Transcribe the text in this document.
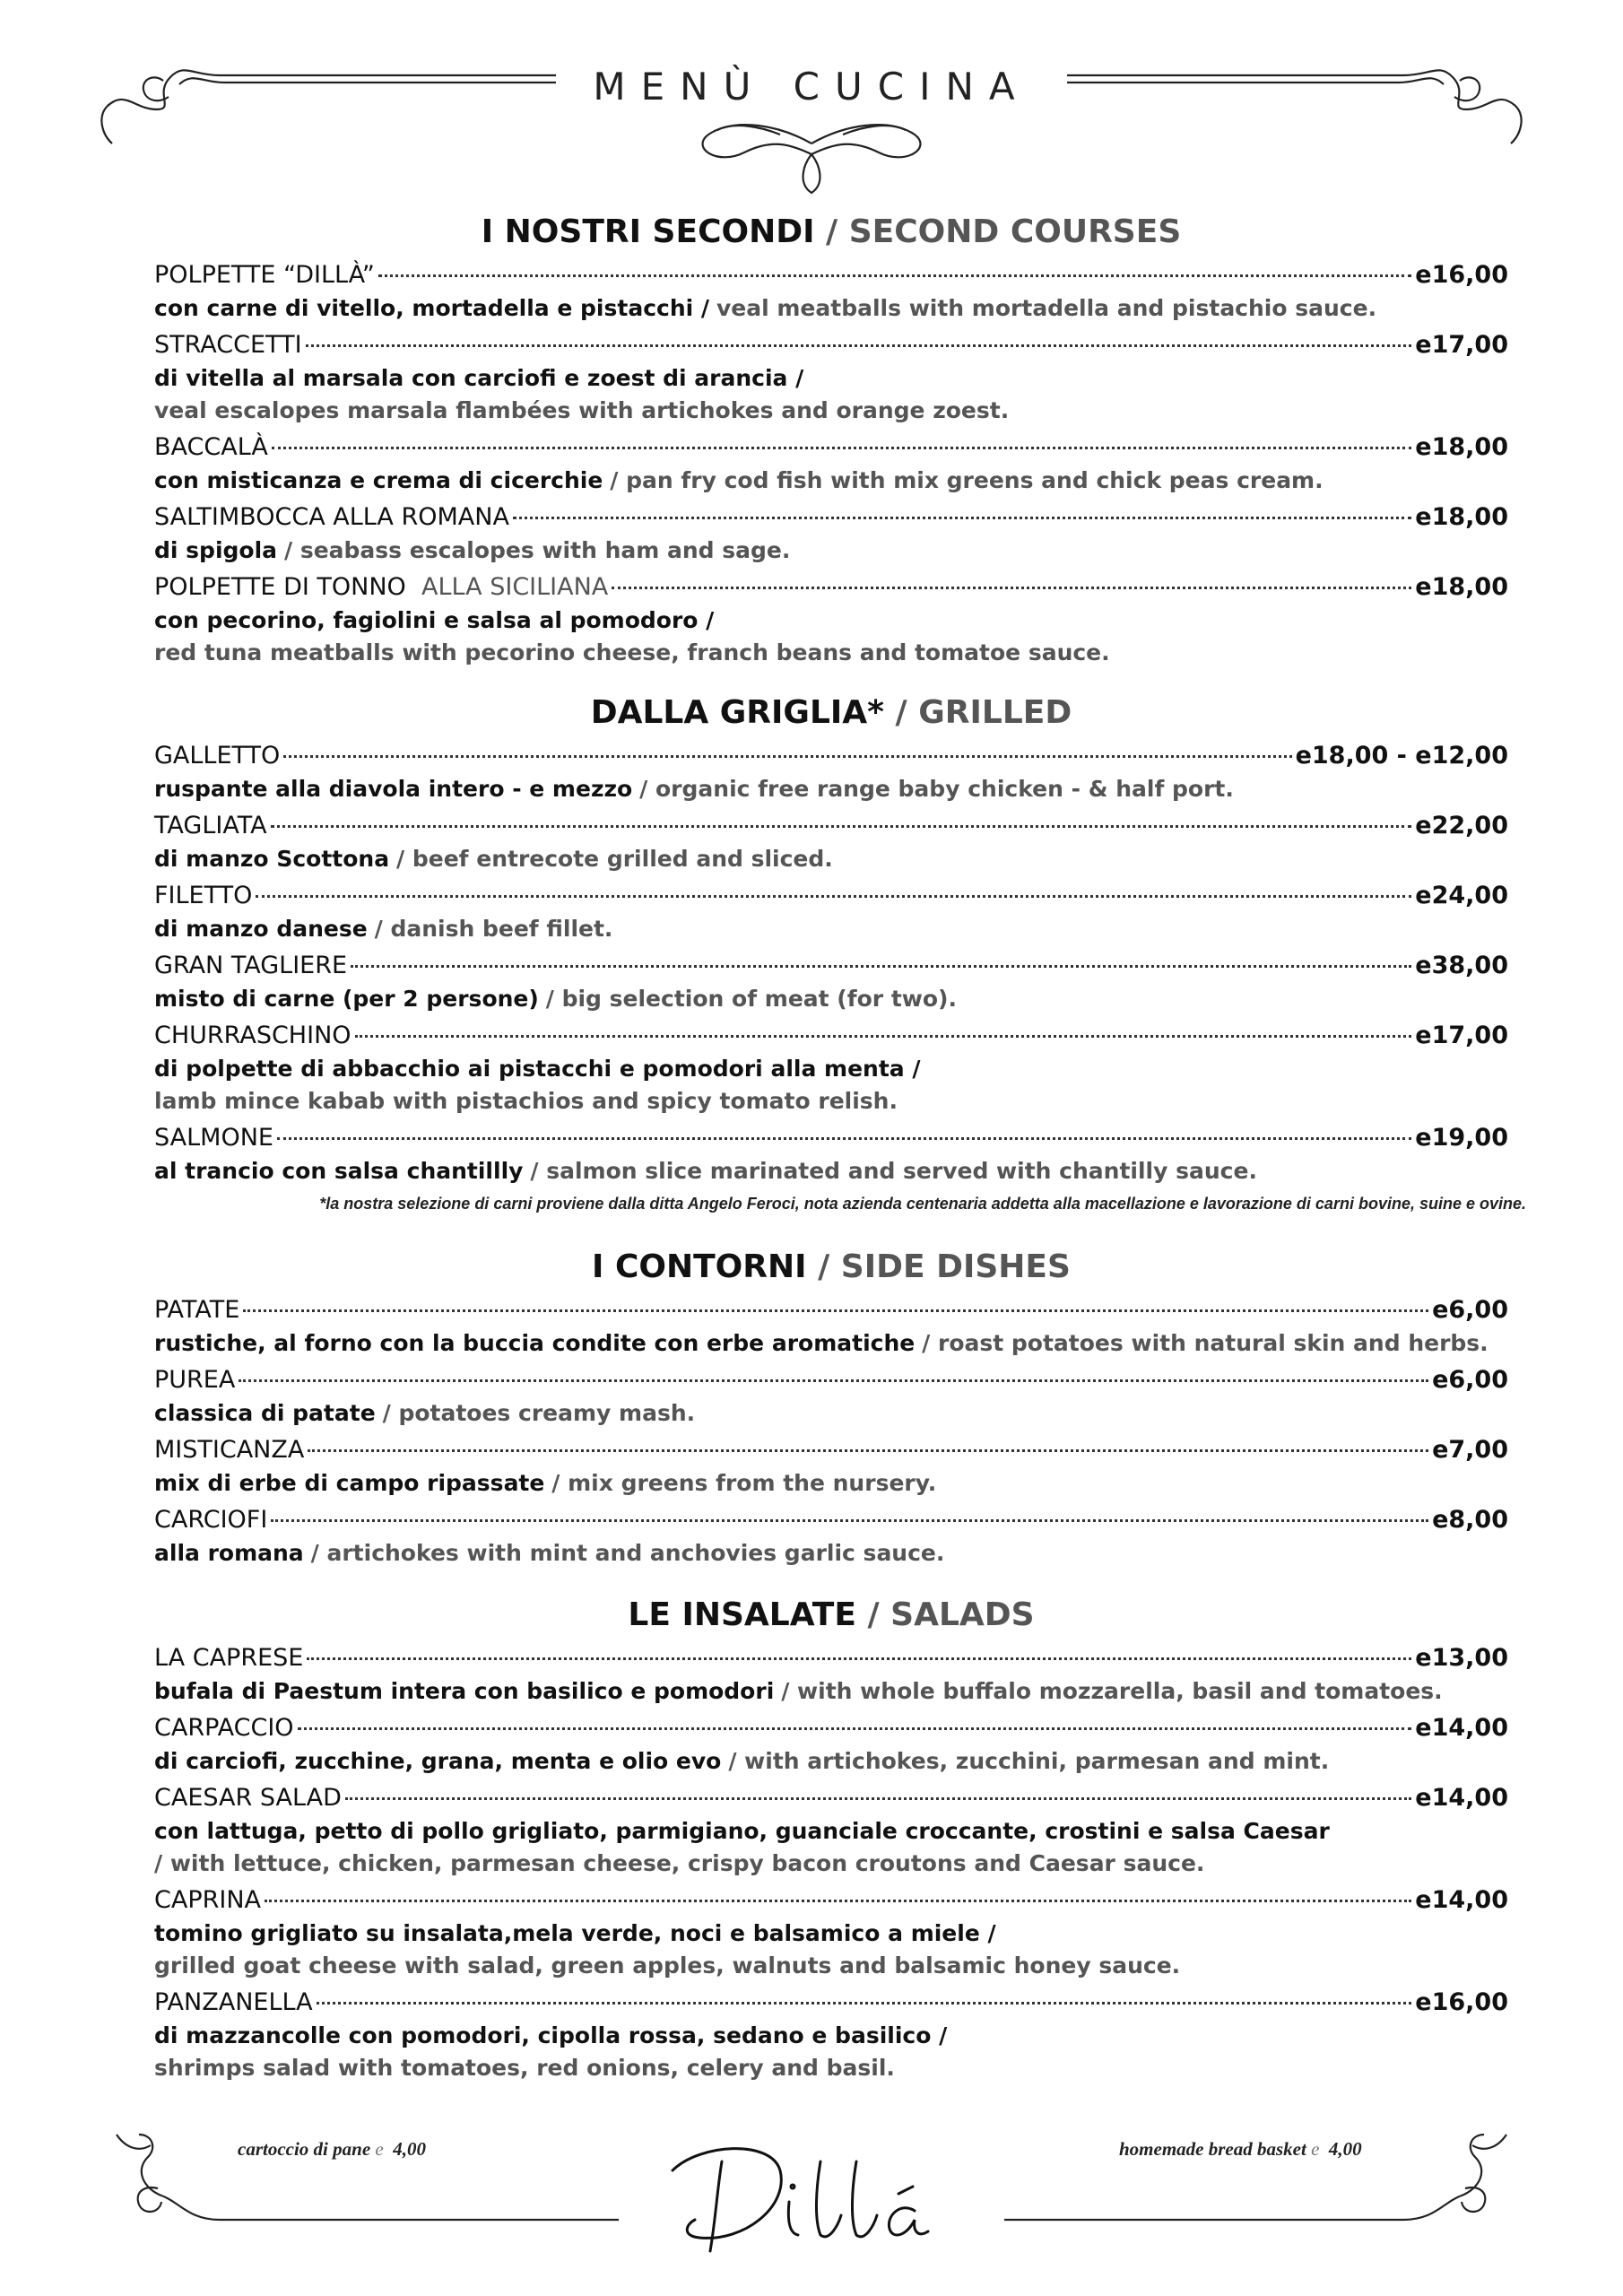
MENÙ CUCINA
I NOSTRI SECONDI / SECOND COURSES
POLPETTE “DILLÀ”	e16,00
con carne di vitello, mortadella e pistacchi / veal meatballs with mortadella and pistachio sauce.
STRACCETTI	e17,00
di vitella al marsala con carciofi e zoest di arancia /
veal escalopes marsala flambées with artichokes and orange zoest.
BACCALÀ	e18,00
con misticanza e crema di cicerchie / pan fry cod fish with mix greens and chick peas cream.
SALTIMBOCCA ALLA ROMANA	e18,00
di spigola / seabass escalopes with ham and sage.
POLPETTE DI TONNO ALLA SICILIANA	e18,00
con pecorino, fagiolini e salsa al pomodoro /
red tuna meatballs with pecorino cheese, franch beans and tomatoe sauce.
DALLA GRIGLIA* / GRILLED
GALLETTO	e18,00 - e12,00
ruspante alla diavola intero - e mezzo / organic free range baby chicken - & half port.
TAGLIATA	e22,00
di manzo Scottona / beef entrecote grilled and sliced.
FILETTO	e24,00
di manzo danese / danish beef fillet.
GRAN TAGLIERE	e38,00
misto di carne (per 2 persone) / big selection of meat (for two).
CHURRASCHINO	e17,00
di polpette di abbacchio ai pistacchi e pomodori alla menta /
lamb mince kabab with pistachios and spicy tomato relish.
SALMONE	e19,00
al trancio con salsa chantillly / salmon slice marinated and served with chantilly sauce.
*la nostra selezione di carni proviene dalla ditta Angelo Feroci, nota azienda centenaria addetta alla macellazione e lavorazione di carni bovine, suine e ovine.
I CONTORNI / SIDE DISHES
PATATE	e6,00
rustiche, al forno con la buccia condite con erbe aromatiche / roast potatoes with natural skin and herbs.
PUREA	e6,00
classica di patate / potatoes creamy mash.
MISTICANZA	e7,00
mix di erbe di campo ripassate / mix greens from the nursery.
CARCIOFI	e8,00
alla romana / artichokes with mint and anchovies garlic sauce.
LE INSALATE / SALADS
LA CAPRESE	e13,00
bufala di Paestum intera con basilico e pomodori / with whole buffalo mozzarella, basil and tomatoes.
CARPACCIO	e14,00
di carciofi, zucchine, grana, menta e olio evo / with artichokes, zucchini, parmesan and mint.
CAESAR SALAD	e14,00
con lattuga, petto di pollo grigliato, parmigiano, guanciale croccante, crostini e salsa Caesar
/ with lettuce, chicken, parmesan cheese, crispy bacon croutons and Caesar sauce.
CAPRINA	e14,00
tomino grigliato su insalata,mela verde, noci e balsamico a miele /
grilled goat cheese with salad, green apples, walnuts and balsamic honey sauce.
PANZANELLA	e16,00
di mazzancolle con pomodori, cipolla rossa, sedano e basilico /
shrimps salad with tomatoes, red onions, celery and basil.
cartoccio di pane e 4,00	homemade bread basket e 4,00
